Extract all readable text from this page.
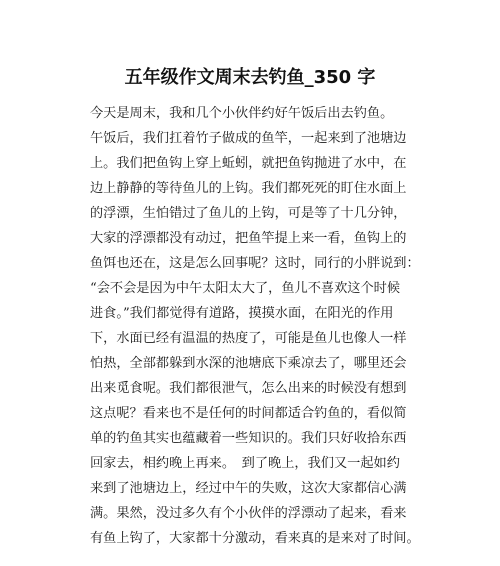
五年级作文周末去钓鱼_350 字
今天是周末，我和几个小伙伴约好午饭后出去钓鱼。
午饭后，我们扛着竹子做成的鱼竿，一起来到了池塘边
上。我们把鱼钩上穿上蚯蚓，就把鱼钩抛进了水中，在
边上静静的等待鱼儿的上钩。我们都死死的盯住水面上
的浮漂，生怕错过了鱼儿的上钩，可是等了十几分钟，
大家的浮漂都没有动过，把鱼竿提上来一看，鱼钩上的
鱼饵也还在，这是怎么回事呢？这时，同行的小胖说到：
“会不会是因为中午太阳太大了，鱼儿不喜欢这个时候
进食。”我们都觉得有道路，摸摸水面，在阳光的作用
下，水面已经有温温的热度了，可能是鱼儿也像人一样
怕热，全部都躲到水深的池塘底下乘凉去了，哪里还会
出来觅食呢。我们都很泄气，怎么出来的时候没有想到
这点呢？看来也不是任何的时间都适合钓鱼的，看似简
单的钓鱼其实也蕴藏着一些知识的。我们只好收拾东西
回家去，相约晚上再来。　到了晚上，我们又一起如约
来到了池塘边上，经过中午的失败，这次大家都信心满
满。果然，没过多久有个小伙伴的浮漂动了起来，看来
有鱼上钩了，大家都十分激动，看来真的是来对了时间。
